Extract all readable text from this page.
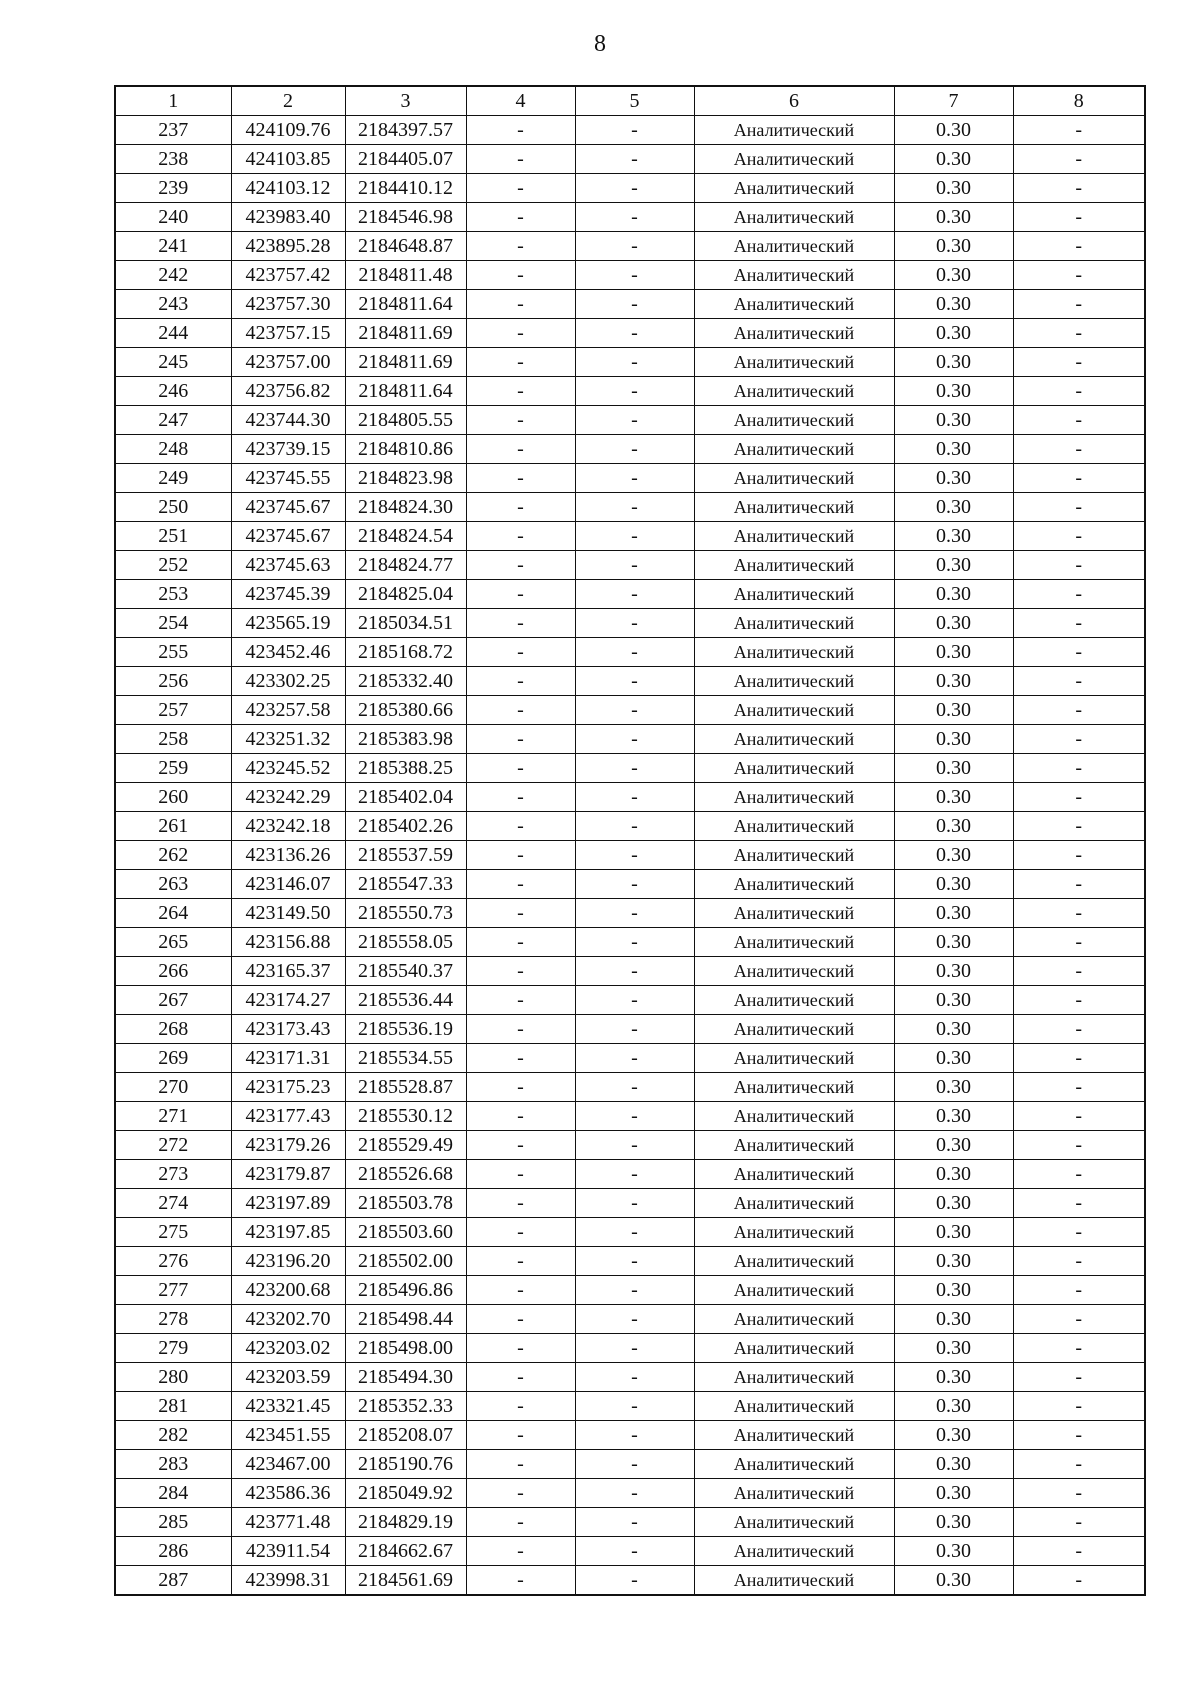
8
1	2	3	4	5	6	7	8
237	424109.76	2184397.57	-	-	Аналитический	0.30	-
238	424103.85	2184405.07	-	-	Аналитический	0.30	-
239	424103.12	2184410.12	-	-	Аналитический	0.30	-
240	423983.40	2184546.98	-	-	Аналитический	0.30	-
241	423895.28	2184648.87	-	-	Аналитический	0.30	-
242	423757.42	2184811.48	-	-	Аналитический	0.30	-
243	423757.30	2184811.64	-	-	Аналитический	0.30	-
244	423757.15	2184811.69	-	-	Аналитический	0.30	-
245	423757.00	2184811.69	-	-	Аналитический	0.30	-
246	423756.82	2184811.64	-	-	Аналитический	0.30	-
247	423744.30	2184805.55	-	-	Аналитический	0.30	-
248	423739.15	2184810.86	-	-	Аналитический	0.30	-
249	423745.55	2184823.98	-	-	Аналитический	0.30	-
250	423745.67	2184824.30	-	-	Аналитический	0.30	-
251	423745.67	2184824.54	-	-	Аналитический	0.30	-
252	423745.63	2184824.77	-	-	Аналитический	0.30	-
253	423745.39	2184825.04	-	-	Аналитический	0.30	-
254	423565.19	2185034.51	-	-	Аналитический	0.30	-
255	423452.46	2185168.72	-	-	Аналитический	0.30	-
256	423302.25	2185332.40	-	-	Аналитический	0.30	-
257	423257.58	2185380.66	-	-	Аналитический	0.30	-
258	423251.32	2185383.98	-	-	Аналитический	0.30	-
259	423245.52	2185388.25	-	-	Аналитический	0.30	-
260	423242.29	2185402.04	-	-	Аналитический	0.30	-
261	423242.18	2185402.26	-	-	Аналитический	0.30	-
262	423136.26	2185537.59	-	-	Аналитический	0.30	-
263	423146.07	2185547.33	-	-	Аналитический	0.30	-
264	423149.50	2185550.73	-	-	Аналитический	0.30	-
265	423156.88	2185558.05	-	-	Аналитический	0.30	-
266	423165.37	2185540.37	-	-	Аналитический	0.30	-
267	423174.27	2185536.44	-	-	Аналитический	0.30	-
268	423173.43	2185536.19	-	-	Аналитический	0.30	-
269	423171.31	2185534.55	-	-	Аналитический	0.30	-
270	423175.23	2185528.87	-	-	Аналитический	0.30	-
271	423177.43	2185530.12	-	-	Аналитический	0.30	-
272	423179.26	2185529.49	-	-	Аналитический	0.30	-
273	423179.87	2185526.68	-	-	Аналитический	0.30	-
274	423197.89	2185503.78	-	-	Аналитический	0.30	-
275	423197.85	2185503.60	-	-	Аналитический	0.30	-
276	423196.20	2185502.00	-	-	Аналитический	0.30	-
277	423200.68	2185496.86	-	-	Аналитический	0.30	-
278	423202.70	2185498.44	-	-	Аналитический	0.30	-
279	423203.02	2185498.00	-	-	Аналитический	0.30	-
280	423203.59	2185494.30	-	-	Аналитический	0.30	-
281	423321.45	2185352.33	-	-	Аналитический	0.30	-
282	423451.55	2185208.07	-	-	Аналитический	0.30	-
283	423467.00	2185190.76	-	-	Аналитический	0.30	-
284	423586.36	2185049.92	-	-	Аналитический	0.30	-
285	423771.48	2184829.19	-	-	Аналитический	0.30	-
286	423911.54	2184662.67	-	-	Аналитический	0.30	-
287	423998.31	2184561.69	-	-	Аналитический	0.30	-
